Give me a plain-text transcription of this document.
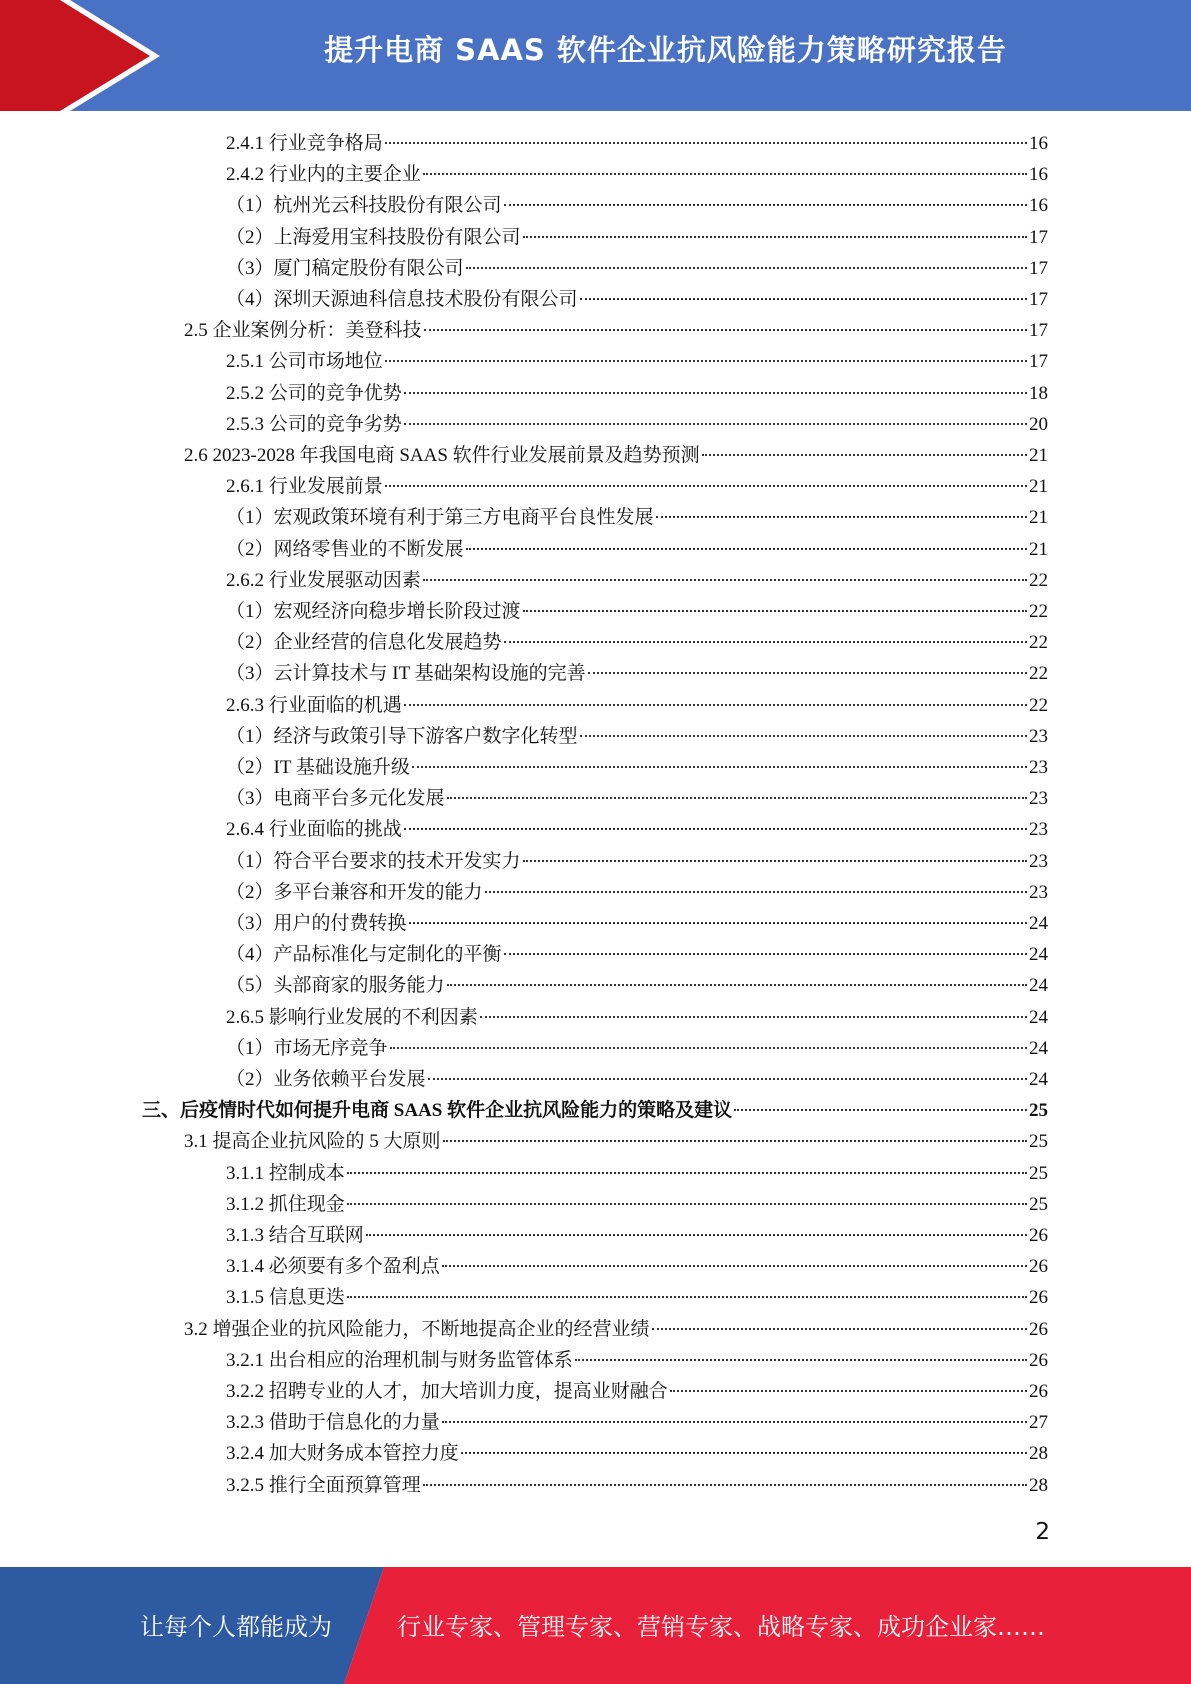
提升电商 SAAS 软件企业抗风险能力策略研究报告
2.4.1 行业竞争格局	16
2.4.2 行业内的主要企业	16
（1）杭州光云科技股份有限公司	16
（2）上海爱用宝科技股份有限公司	17
（3）厦门稿定股份有限公司	17
（4）深圳天源迪科信息技术股份有限公司	17
2.5 企业案例分析：美登科技	17
2.5.1 公司市场地位	17
2.5.2 公司的竞争优势	18
2.5.3 公司的竞争劣势	20
2.6 2023-2028 年我国电商 SAAS 软件行业发展前景及趋势预测	21
2.6.1 行业发展前景	21
（1）宏观政策环境有利于第三方电商平台良性发展	21
（2）网络零售业的不断发展	21
2.6.2 行业发展驱动因素	22
（1）宏观经济向稳步增长阶段过渡	22
（2）企业经营的信息化发展趋势	22
（3）云计算技术与 IT 基础架构设施的完善	22
2.6.3 行业面临的机遇	22
（1）经济与政策引导下游客户数字化转型	23
（2）IT 基础设施升级	23
（3）电商平台多元化发展	23
2.6.4 行业面临的挑战	23
（1）符合平台要求的技术开发实力	23
（2）多平台兼容和开发的能力	23
（3）用户的付费转换	24
（4）产品标准化与定制化的平衡	24
（5）头部商家的服务能力	24
2.6.5 影响行业发展的不利因素	24
（1）市场无序竞争	24
（2）业务依赖平台发展	24
三、后疫情时代如何提升电商 SAAS 软件企业抗风险能力的策略及建议	25
3.1 提高企业抗风险的 5 大原则	25
3.1.1 控制成本	25
3.1.2 抓住现金	25
3.1.3 结合互联网	26
3.1.4 必须要有多个盈利点	26
3.1.5 信息更迭	26
3.2 增强企业的抗风险能力，不断地提高企业的经营业绩	26
3.2.1 出台相应的治理机制与财务监管体系	26
3.2.2 招聘专业的人才，加大培训力度，提高业财融合	26
3.2.3 借助于信息化的力量	27
3.2.4 加大财务成本管控力度	28
3.2.5 推行全面预算管理	28
2
让每个人都能成为	行业专家、管理专家、营销专家、战略专家、成功企业家……
